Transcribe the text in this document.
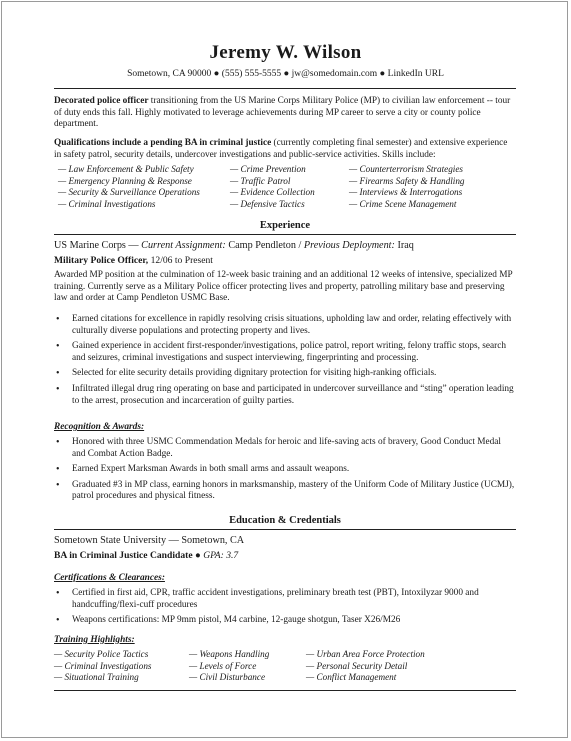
Jeremy W. Wilson
Sometown, CA 90000 ● (555) 555-5555 ● jw@somedomain.com ● LinkedIn URL
Decorated police officer transitioning from the US Marine Corps Military Police (MP) to civilian law enforcement -- tour of duty ends this fall. Highly motivated to leverage achievements during MP career to serve a city or county police department.
Qualifications include a pending BA in criminal justice (currently completing final semester) and extensive experience in safety patrol, security details, undercover investigations and public-service activities. Skills include:
— Law Enforcement & Public Safety
— Emergency Planning & Response
— Security & Surveillance Operations
— Criminal Investigations
— Crime Prevention
— Traffic Patrol
— Evidence Collection
— Defensive Tactics
— Counterterrorism Strategies
— Firearms Safety & Handling
— Interviews & Interrogations
— Crime Scene Management
Experience
US Marine Corps — Current Assignment: Camp Pendleton / Previous Deployment: Iraq
Military Police Officer, 12/06 to Present
Awarded MP position at the culmination of 12-week basic training and an additional 12 weeks of intensive, specialized MP training. Currently serve as a Military Police officer protecting lives and property, patrolling military base and preserving law and order at Camp Pendleton USMC Base.
• Earned citations for excellence in rapidly resolving crisis situations, upholding law and order, relating effectively with culturally diverse populations and protecting property and lives.
• Gained experience in accident first-responder/investigations, police patrol, report writing, felony traffic stops, search and seizures, criminal investigations and suspect interviewing, fingerprinting and processing.
• Selected for elite security details providing dignitary protection for visiting high-ranking officials.
• Infiltrated illegal drug ring operating on base and participated in undercover surveillance and “sting” operation leading to the arrest, prosecution and incarceration of guilty parties.
Recognition & Awards:
• Honored with three USMC Commendation Medals for heroic and life-saving acts of bravery, Good Conduct Medal and Combat Action Badge.
• Earned Expert Marksman Awards in both small arms and assault weapons.
• Graduated #3 in MP class, earning honors in marksmanship, mastery of the Uniform Code of Military Justice (UCMJ), patrol procedures and physical fitness.
Education & Credentials
Sometown State University — Sometown, CA
BA in Criminal Justice Candidate ● GPA: 3.7
Certifications & Clearances:
• Certified in first aid, CPR, traffic accident investigations, preliminary breath test (PBT), Intoxilyzar 9000 and handcuffing/flexi-cuff procedures
• Weapons certifications: MP 9mm pistol, M4 carbine, 12-gauge shotgun, Taser X26/M26
Training Highlights:
— Security Police Tactics
— Criminal Investigations
— Situational Training
— Weapons Handling
— Levels of Force
— Civil Disturbance
— Urban Area Force Protection
— Personal Security Detail
— Conflict Management
